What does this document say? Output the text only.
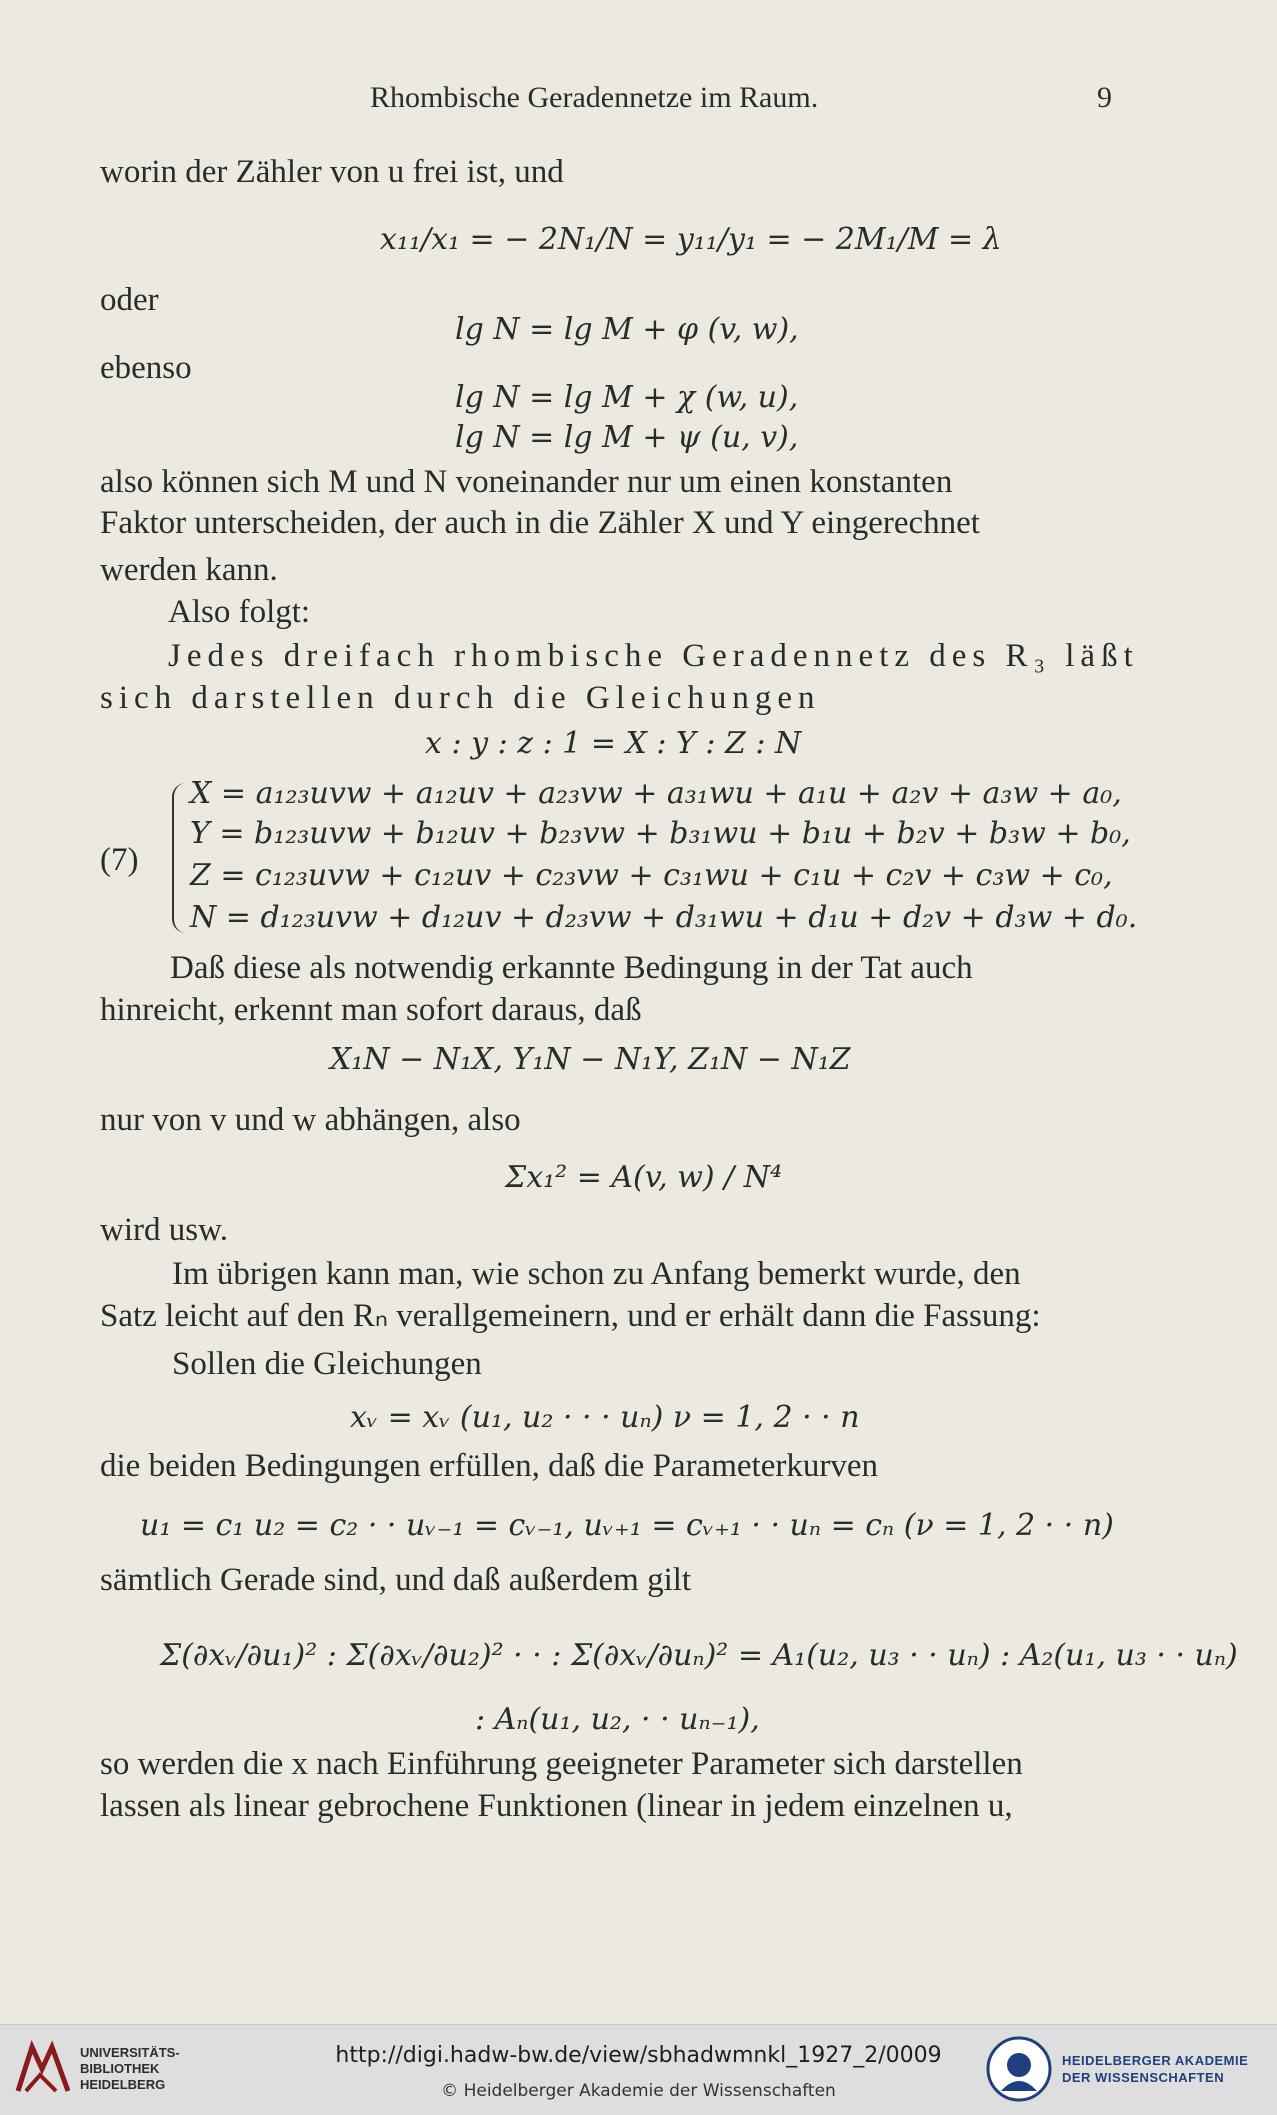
Rhombische Geradennetze im Raum.	9
worin der Zähler von u frei ist, und
x₁₁/x₁ = − 2N₁/N = y₁₁/y₁ = − 2M₁/M = λ
oder
lg N = lg M + φ (v, w),
ebenso
lg N = lg M + χ (w, u),
lg N = lg M + ψ (u, v),
also können sich M und N voneinander nur um einen konstanten
Faktor unterscheiden, der auch in die Zähler X und Y eingerechnet
werden kann.
Also folgt:
Jedes dreifach rhombische Geradennetz des R₃ läßt
sich darstellen durch die Gleichungen
x : y : z : 1 = X : Y : Z : N
X = a₁₂₃uvw + a₁₂uv + a₂₃vw + a₃₁wu + a₁u + a₂v + a₃w + a₀,
Y = b₁₂₃uvw + b₁₂uv + b₂₃vw + b₃₁wu + b₁u + b₂v + b₃w + b₀,
(7) Z = c₁₂₃uvw + c₁₂uv + c₂₃vw + c₃₁wu + c₁u + c₂v + c₃w + c₀,
N = d₁₂₃uvw + d₁₂uv + d₂₃vw + d₃₁wu + d₁u + d₂v + d₃w + d₀.
Daß diese als notwendig erkannte Bedingung in der Tat auch
hinreicht, erkennt man sofort daraus, daß
X₁N − N₁X, Y₁N − N₁Y, Z₁N − N₁Z
nur von v und w abhängen, also
Σx₁² = A(v, w) / N⁴
wird usw.
Im übrigen kann man, wie schon zu Anfang bemerkt wurde, den
Satz leicht auf den Rₙ verallgemeinern, und er erhält dann die Fassung:
Sollen die Gleichungen
xᵥ = xᵥ (u₁, u₂ · · · uₙ) ν = 1, 2 · · n
die beiden Bedingungen erfüllen, daß die Parameterkurven
u₁ = c₁ u₂ = c₂ · · uᵥ₋₁ = cᵥ₋₁, uᵥ₊₁ = cᵥ₊₁ · · uₙ = cₙ (ν = 1, 2 · · n)
sämtlich Gerade sind, und daß außerdem gilt
Σ(∂xᵥ/∂u₁)² : Σ(∂xᵥ/∂u₂)² · · : Σ(∂xᵥ/∂uₙ)² = A₁(u₂, u₃ · · uₙ) : A₂(u₁, u₃ · · uₙ)
: Aₙ(u₁, u₂, · · uₙ₋₁),
so werden die x nach Einführung geeigneter Parameter sich darstellen
lassen als linear gebrochene Funktionen (linear in jedem einzelnen u,
UNIVERSITÄTS-
BIBLIOTHEK
HEIDELBERG
http://digi.hadw-bw.de/view/sbhadwmnkl_1927_2/0009
© Heidelberger Akademie der Wissenschaften
HEIDELBERGER AKADEMIE
DER WISSENSCHAFTEN
